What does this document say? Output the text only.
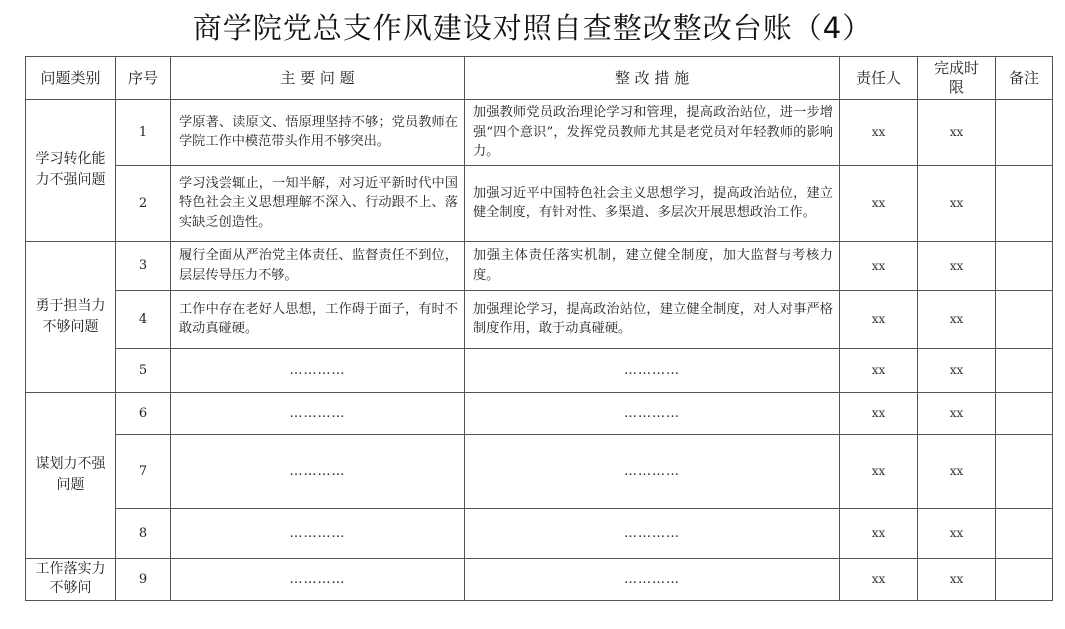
商学院党总支作风建设对照自查整改整改台账（4）
问题类别	序号	主 要 问 题	整 改 措 施	责任人	完成时限	备注
学习转化能力不强问题	1	学原著、读原文、悟原理坚持不够；党员教师在学院工作中模范带头作用不够突出。	加强教师党员政治理论学习和管理，提高政治站位，进一步增强“四个意识”，发挥党员教师尤其是老党员对年轻教师的影响力。	xx	xx	
	2	学习浅尝辄止，一知半解，对习近平新时代中国特色社会主义思想理解不深入、行动跟不上、落实缺乏创造性。	加强习近平中国特色社会主义思想学习，提高政治站位，建立健全制度，有针对性、多渠道、多层次开展思想政治工作。	xx	xx	
勇于担当力不够问题	3	履行全面从严治党主体责任、监督责任不到位，层层传导压力不够。	加强主体责任落实机制，建立健全制度，加大监督与考核力度。	xx	xx	
	4	工作中存在老好人思想，工作碍于面子，有时不敢动真碰硬。	加强理论学习，提高政治站位，建立健全制度，对人对事严格制度作用，敢于动真碰硬。	xx	xx	
	5	…………	…………	xx	xx	
谋划力不强问题	6	…………	…………	xx	xx	
	7	…………	…………	xx	xx	
	8	…………	…………	xx	xx	
工作落实力不够问	9	…………	…………	xx	xx	
